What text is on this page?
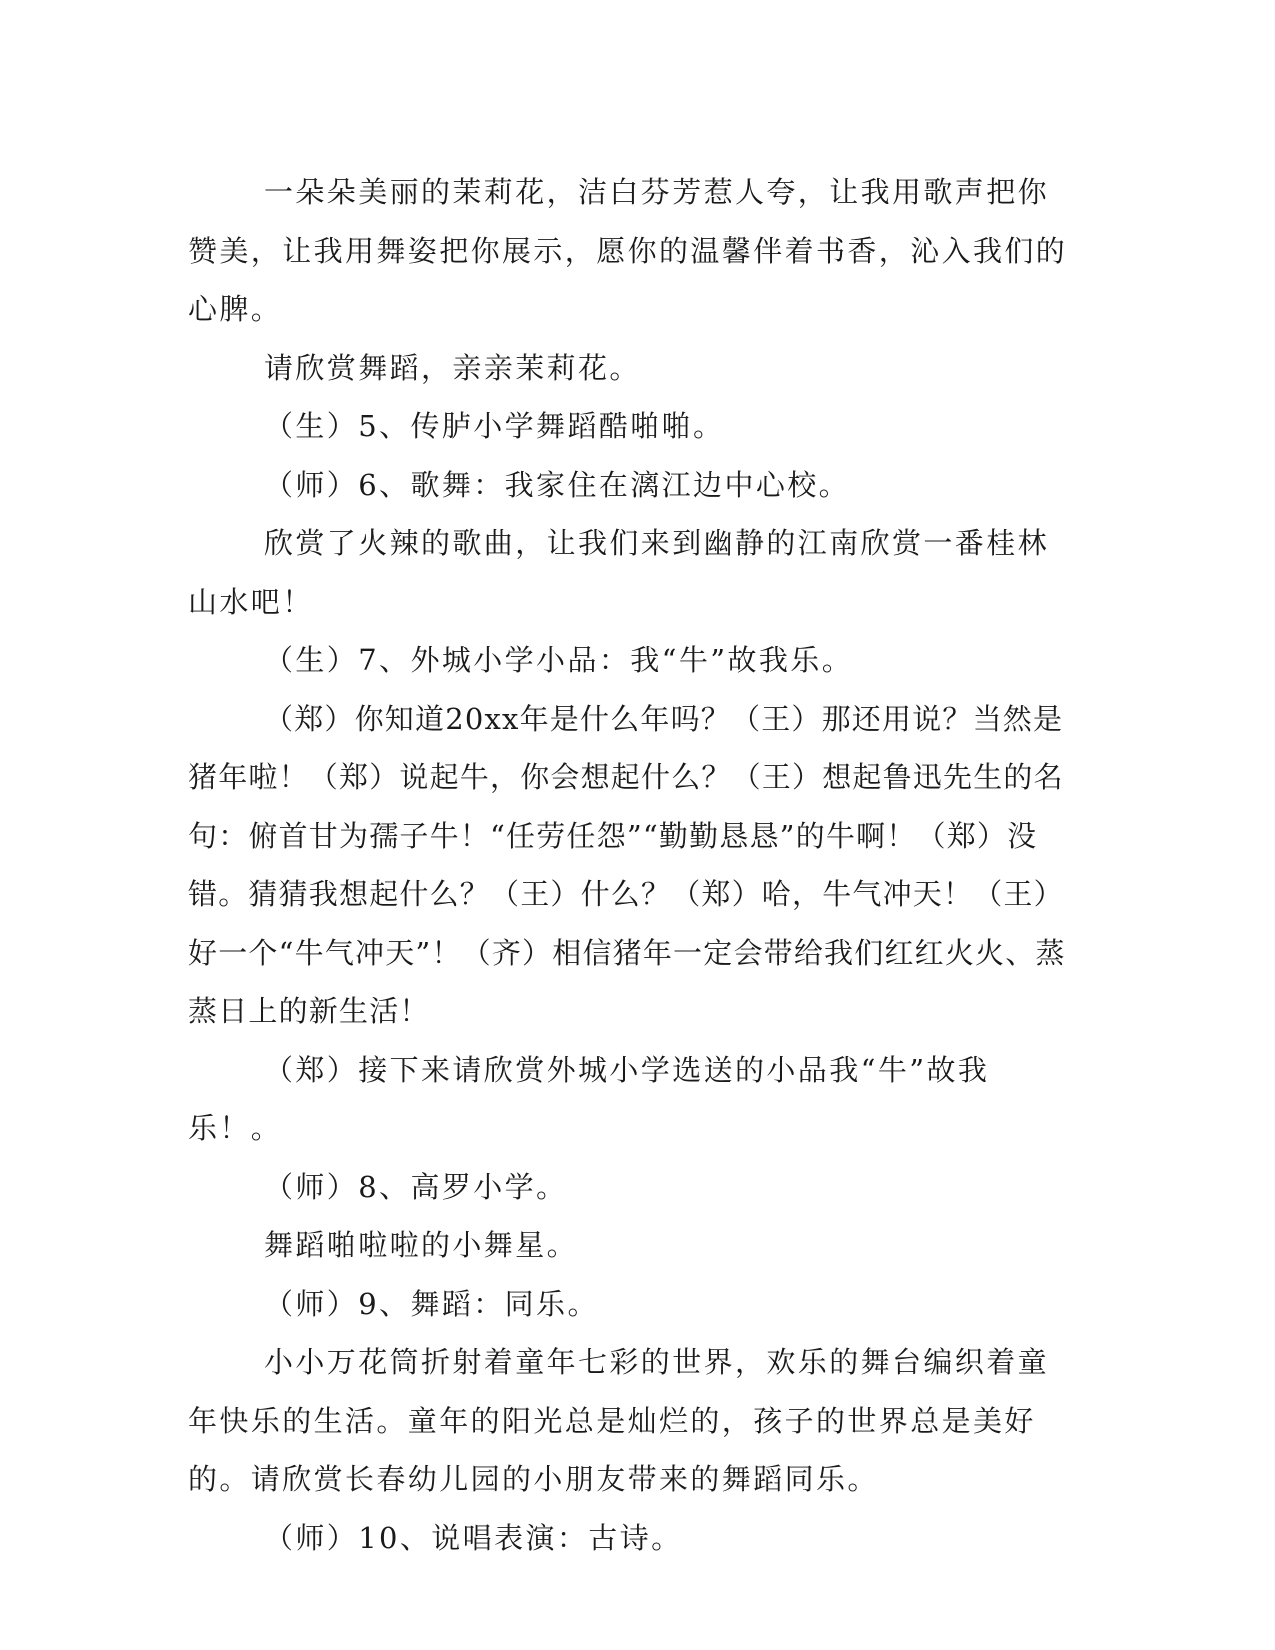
一朵朵美丽的茉莉花，洁白芬芳惹人夸，让我用歌声把你赞美，让我用舞姿把你展示，愿你的温馨伴着书香，沁入我们的心脾。

请欣赏舞蹈，亲亲茉莉花。

（生）5、传胪小学舞蹈酷啪啪。

（师）6、歌舞：我家住在漓江边中心校。

欣赏了火辣的歌曲，让我们来到幽静的江南欣赏一番桂林山水吧！

（生）7、外城小学小品：我“牛”故我乐。

（郑）你知道20xx年是什么年吗？（王）那还用说？当然是猪年啦！（郑）说起牛，你会想起什么？（王）想起鲁迅先生的名句：俯首甘为孺子牛！“任劳任怨”“勤勤恳恳”的牛啊！（郑）没错。猜猜我想起什么？（王）什么？（郑）哈，牛气冲天！（王）好一个“牛气冲天”！（齐）相信猪年一定会带给我们红红火火、蒸蒸日上的新生活！

（郑）接下来请欣赏外城小学选送的小品我“牛”故我乐！。

（师）8、高罗小学。

舞蹈啪啦啦的小舞星。

（师）9、舞蹈：同乐。

小小万花筒折射着童年七彩的世界，欢乐的舞台编织着童年快乐的生活。童年的阳光总是灿烂的，孩子的世界总是美好的。请欣赏长春幼儿园的小朋友带来的舞蹈同乐。

（师）10、说唱表演：古诗。
